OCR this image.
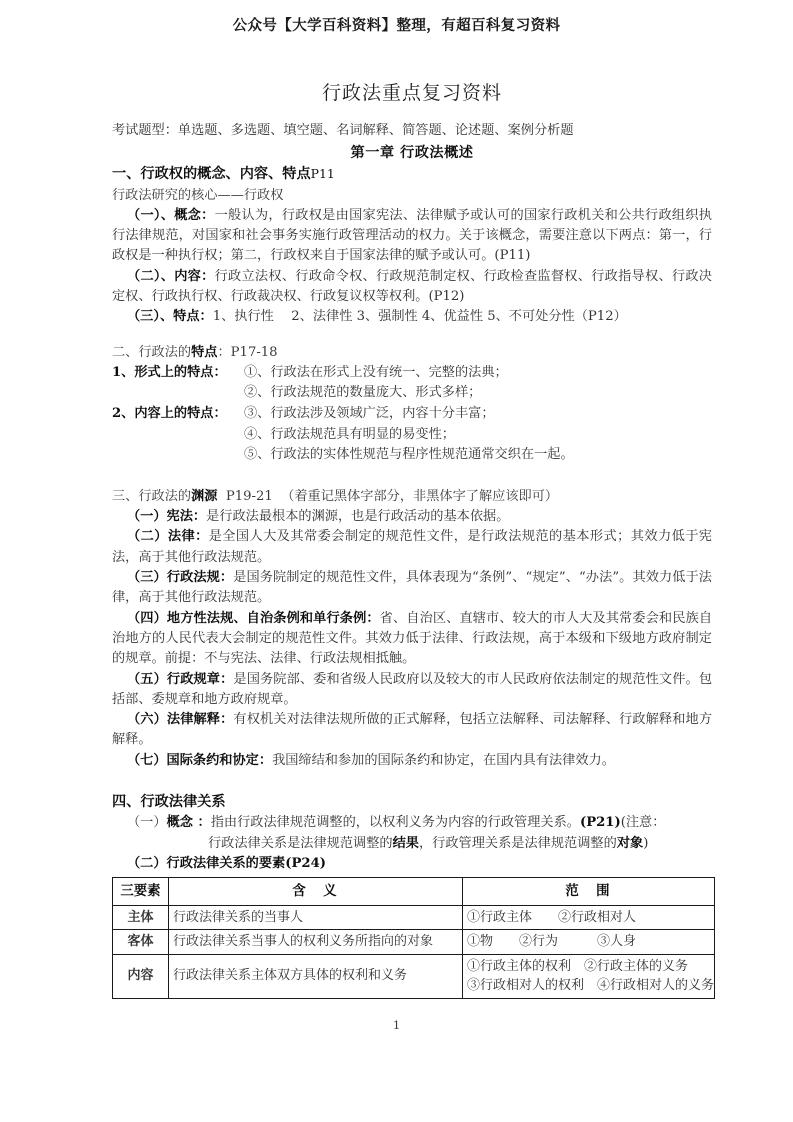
公众号【大学百科资料】整理，有超百科复习资料
行政法重点复习资料

考试题型：单选题、多选题、填空题、名词解释、简答题、论述题、案例分析题

第一章 行政法概述
一、行政权的概念、内容、特点P11

行政法研究的核心——行政权

（一）、概念：一般认为，行政权是由国家宪法、法律赋予或认可的国家行政机关和公共行政组织执行法律规范，对国家和社会事务实施行政管理活动的权力。关于该概念，需要注意以下两点：第一，行政权是一种执行权；第二，行政权来自于国家法律的赋予或认可。(P11)

（二）、内容：行政立法权、行政命令权、行政规范制定权、行政检查监督权、行政指导权、行政决定权、行政执行权、行政裁决权、行政复议权等权利。(P12)

（三）、特点：1、执行性　 2、法律性 3、强制性 4、优益性 5、不可处分性（P12）

二、行政法的特点：P17-18

1、形式上的特点：	①、行政法在形式上没有统一、完整的法典；
②、行政法规范的数量庞大、形式多样；
2、内容上的特点：	③、行政法涉及领域广泛，内容十分丰富；
④、行政法规范具有明显的易变性；
⑤、行政法的实体性规范与程序性规范通常交织在一起。

三、行政法的渊源 P19-21 （着重记黑体字部分，非黑体字了解应该即可）

（一）宪法：是行政法最根本的渊源，也是行政活动的基本依据。

（二）法律：是全国人大及其常委会制定的规范性文件，是行政法规范的基本形式；其效力低于宪法，高于其他行政法规范。

（三）行政法规：是国务院制定的规范性文件，具体表现为“条例”、“规定”、“办法”。其效力低于法律，高于其他行政法规范。

（四）地方性法规、自治条例和单行条例：省、自治区、直辖市、较大的市人大及其常委会和民族自治地方的人民代表大会制定的规范性文件。其效力低于法律、行政法规，高于本级和下级地方政府制定的规章。前提：不与宪法、法律、行政法规相抵触。

（五）行政规章：是国务院部、委和省级人民政府以及较大的市人民政府依法制定的规范性文件。包括部、委规章和地方政府规章。

（六）法律解释：有权机关对法律法规所做的正式解释，包括立法解释、司法解释、行政解释和地方解释。

（七）国际条约和协定：我国缔结和参加的国际条约和协定，在国内具有法律效力。

四、行政法律关系

（一）概念 ：指由行政法律规范调整的，以权利义务为内容的行政管理关系。(P21)(注意：

行政法律关系是法律规范调整的结果，行政管理关系是法律规范调整的对象)

（二）行政法律关系的要素(P24)

三要素	含　义	范　围
主体	行政法律关系的当事人	①行政主体　　②行政相对人

客体	行政法律关系当事人的权利义务所指向的对象	①物　　②行为　　　③人身

内容	行政法律关系主体双方具体的权利和义务	①行政主体的权利　②行政主体的义务
③行政相对人的权利　④行政相对人的义务
1
